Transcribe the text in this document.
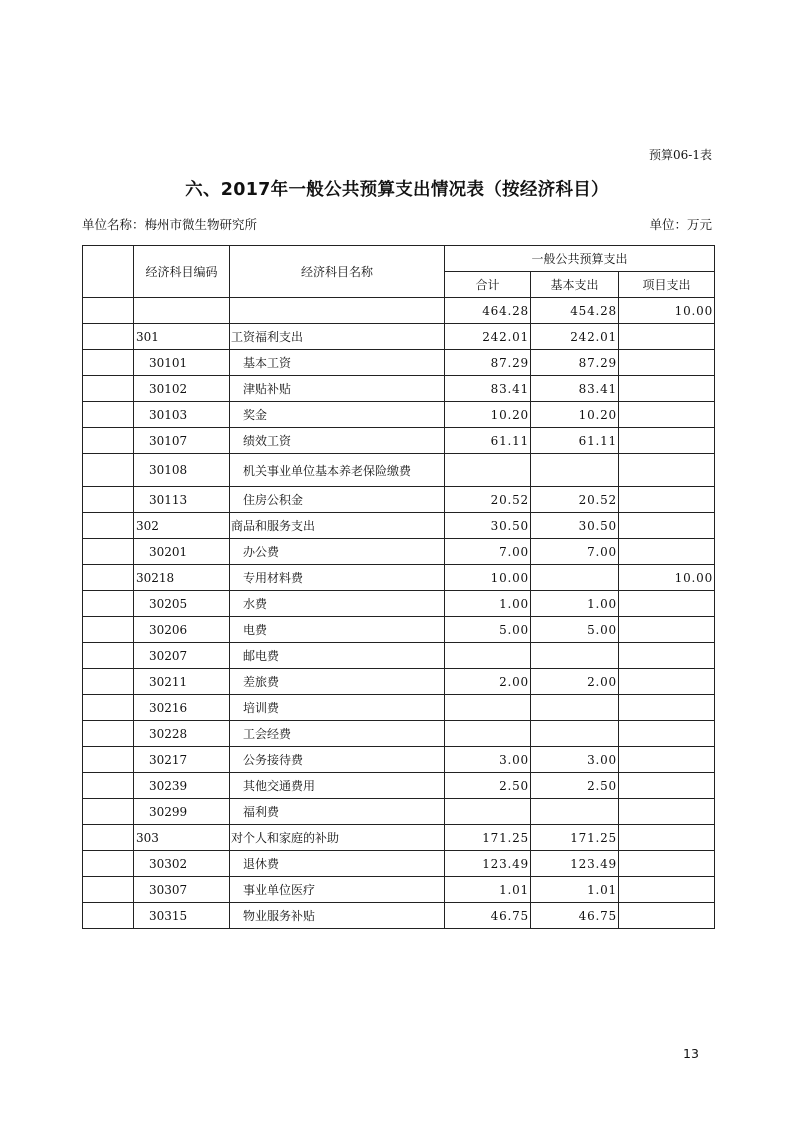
预算06-1表
六、2017年一般公共预算支出情况表（按经济科目）
单位名称：梅州市微生物研究所	单位：万元
	经济科目编码	经济科目名称	一般公共预算支出		
			合计	基本支出	项目支出
			464.28	454.28	10.00
	301	工资福利支出	242.01	242.01	
	30101	基本工资	87.29	87.29	
	30102	津贴补贴	83.41	83.41	
	30103	奖金	10.20	10.20	
	30107	绩效工资	61.11	61.11	
	30108	机关事业单位基本养老保险缴费			
	30113	住房公积金	20.52	20.52	
	302	商品和服务支出	30.50	30.50	
	30201	办公费	7.00	7.00	
	30218	专用材料费	10.00		10.00
	30205	水费	1.00	1.00	
	30206	电费	5.00	5.00	
	30207	邮电费			
	30211	差旅费	2.00	2.00	
	30216	培训费			
	30228	工会经费			
	30217	公务接待费	3.00	3.00	
	30239	其他交通费用	2.50	2.50	
	30299	福利费			
	303	对个人和家庭的补助	171.25	171.25	
	30302	退休费	123.49	123.49	
	30307	事业单位医疗	1.01	1.01	
	30315	物业服务补贴	46.75	46.75	
13
